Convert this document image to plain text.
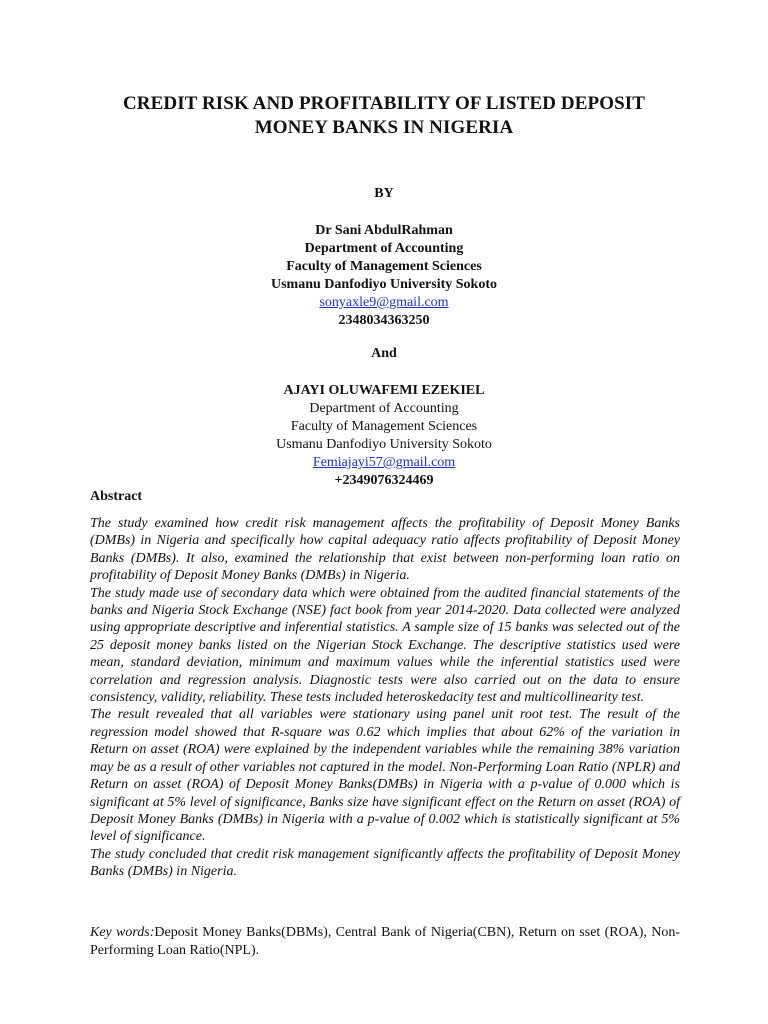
CREDIT RISK AND PROFITABILITY OF LISTED DEPOSIT
MONEY BANKS IN NIGERIA
BY
Dr Sani AbdulRahman
Department of Accounting
Faculty of Management Sciences
Usmanu Danfodiyo University Sokoto
sonyaxle9@gmail.com
2348034363250
And
AJAYI OLUWAFEMI EZEKIEL
Department of Accounting
Faculty of Management Sciences
Usmanu Danfodiyo University Sokoto
Femiajayi57@gmail.com
+2349076324469
Abstract

The study examined how credit risk management affects the profitability of Deposit Money Banks (DMBs) in Nigeria and specifically how capital adequacy ratio affects profitability of Deposit Money Banks (DMBs). It also, examined the relationship that exist between non-performing loan ratio on profitability of Deposit Money Banks (DMBs) in Nigeria.

The study made use of secondary data which were obtained from the audited financial statements of the banks and Nigeria Stock Exchange (NSE) fact book from year 2014-2020. Data collected were analyzed using appropriate descriptive and inferential statistics. A sample size of 15 banks was selected out of the 25 deposit money banks listed on the Nigerian Stock Exchange. The descriptive statistics used were mean, standard deviation, minimum and maximum values while the inferential statistics used were correlation and regression analysis. Diagnostic tests were also carried out on the data to ensure consistency, validity, reliability. These tests included heteroskedacity test and multicollinearity test.

The result revealed that all variables were stationary using panel unit root test. The result of the regression model showed that R-square was 0.62 which implies that about 62% of the variation in Return on asset (ROA) were explained by the independent variables while the remaining 38% variation may be as a result of other variables not captured in the model. Non-Performing Loan Ratio (NPLR) and Return on asset (ROA) of Deposit Money Banks(DMBs) in Nigeria with a p-value of 0.000 which is significant at 5% level of significance, Banks size have significant effect on the Return on asset (ROA) of Deposit Money Banks (DMBs) in Nigeria with a p-value of 0.002 which is statistically significant at 5% level of significance.

The study concluded that credit risk management significantly affects the profitability of Deposit Money Banks (DMBs) in Nigeria.

Key words:Deposit Money Banks(DBMs), Central Bank of Nigeria(CBN), Return on sset (ROA), Non-Performing Loan Ratio(NPL).
